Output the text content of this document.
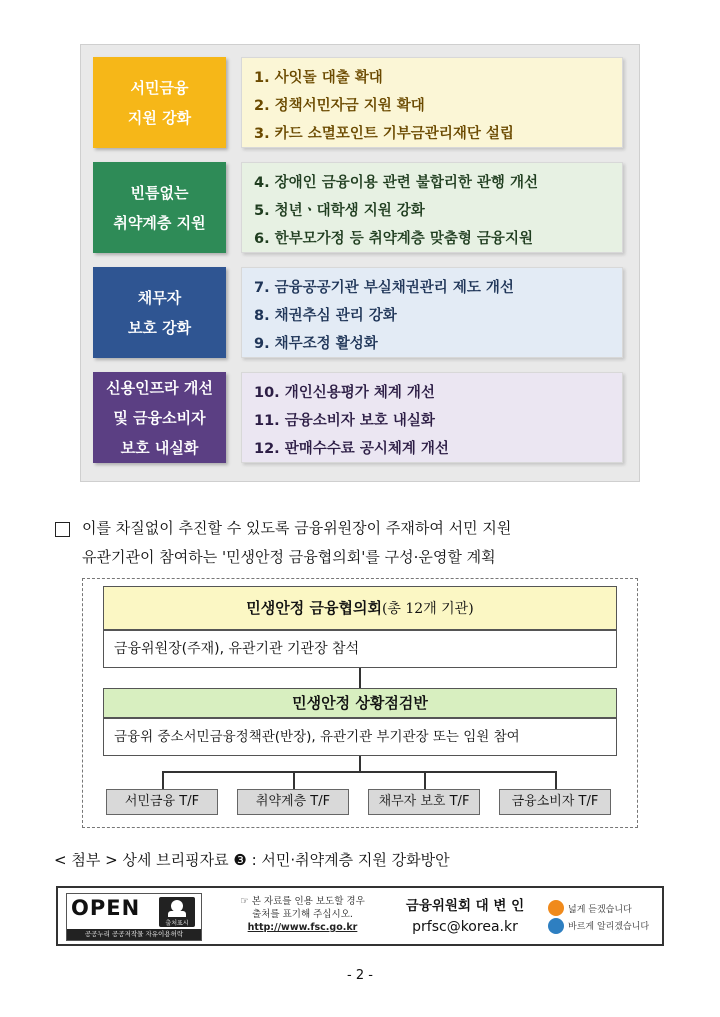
서민금융
지원 강화
1. 사잇돌 대출 확대
2. 정책서민자금 지원 확대
3. 카드 소멸포인트 기부금관리재단 설립
빈틈없는
취약계층 지원
4. 장애인 금융이용 관련 불합리한 관행 개선
5. 청년ㆍ대학생 지원 강화
6. 한부모가정 등 취약계층 맞춤형 금융지원
채무자
보호 강화
7. 금융공공기관 부실채권관리 제도 개선
8. 채권추심 관리 강화
9. 채무조정 활성화
신용인프라 개선
및 금융소비자
보호 내실화
10. 개인신용평가 체계 개선
11. 금융소비자 보호 내실화
12. 판매수수료 공시체계 개선
이를 차질없이 추진할 수 있도록 금융위원장이 주재하여 서민 지원
유관기관이 참여하는 '민생안정 금융협의회'를 구성·운영할 계획
민생안정 금융협의회(총 12개 기관)
금융위원장(주재), 유관기관 기관장 참석
민생안정 상황점검반
금융위 중소서민금융정책관(반장), 유관기관 부기관장 또는 임원 참여
서민금융 T/F	취약계층 T/F	채무자 보호 T/F	금융소비자 T/F
< 첨부 > 상세 브리핑자료 ❸ : 서민·취약계층 지원 강화방안
OPEN
출처표시
공공누리 공공저작물 자유이용허락
☞ 본 자료를 인용 보도할 경우
출처를 표기해 주십시오.
http://www.fsc.go.kr
금융위원회 대 변 인
prfsc@korea.kr
넓게 듣겠습니다
바르게 알리겠습니다
- 2 -
